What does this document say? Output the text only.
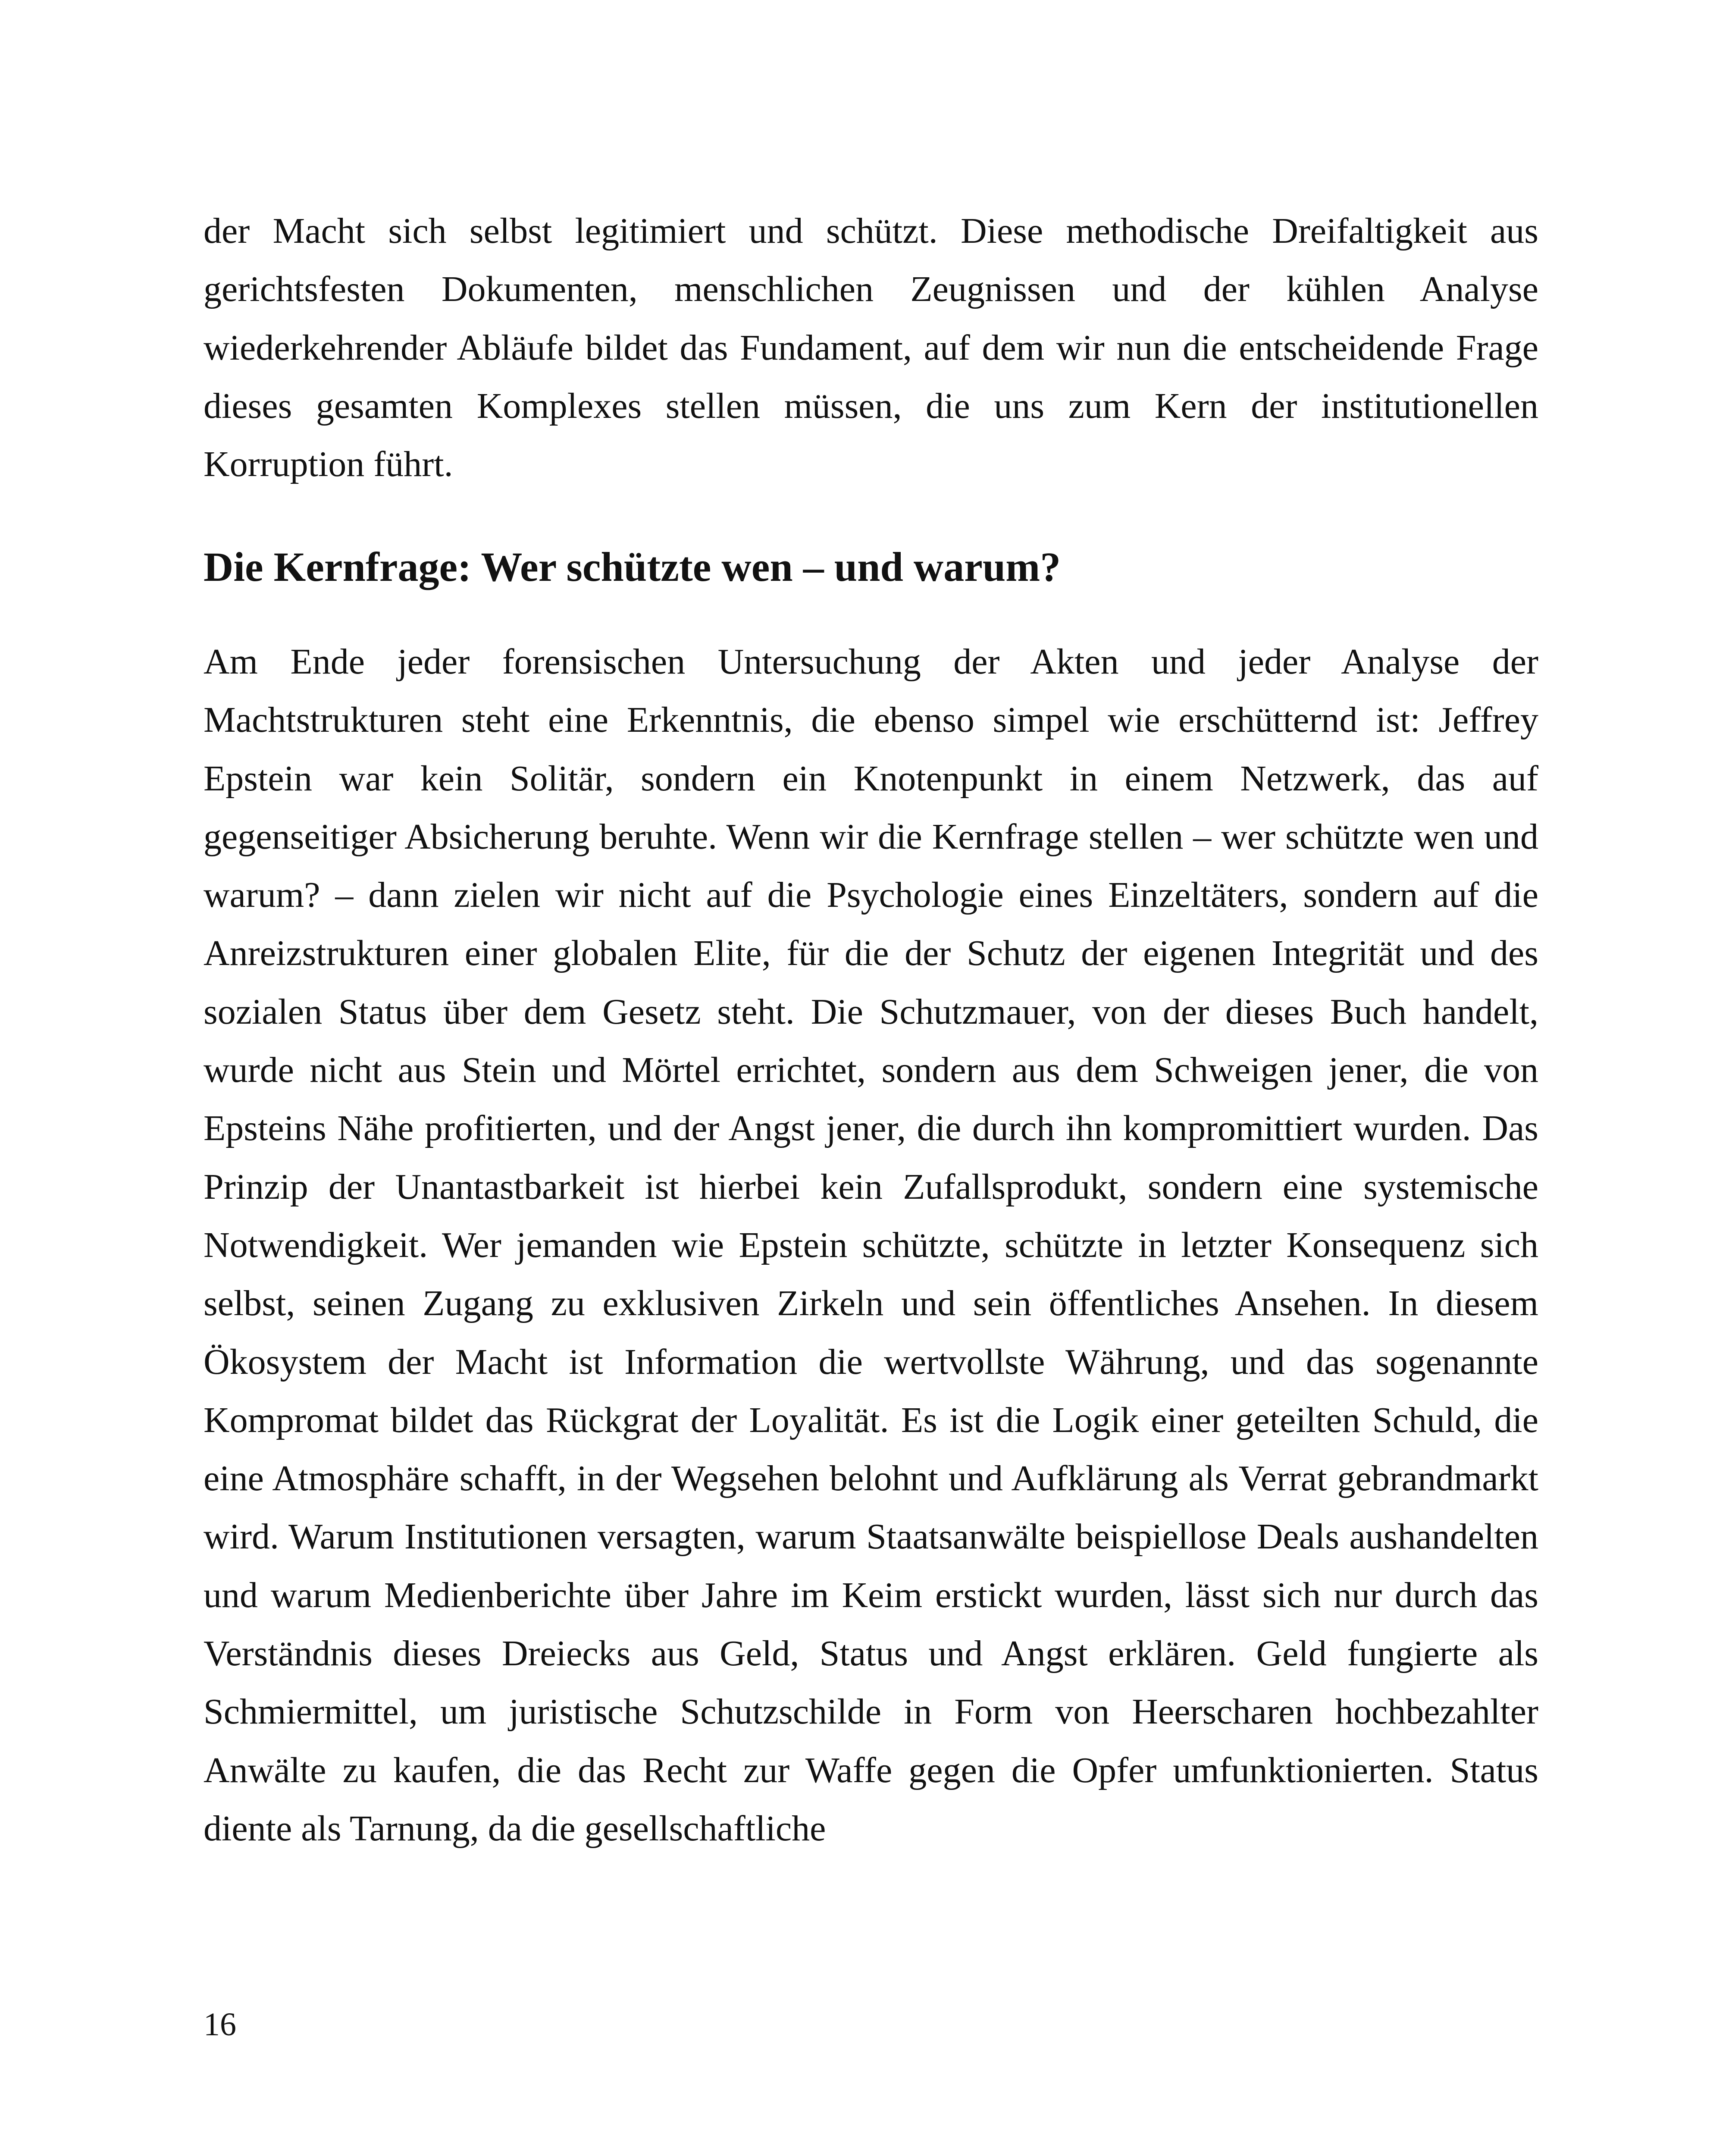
der Macht sich selbst legitimiert und schützt. Diese methodische Dreifaltigkeit aus gerichtsfesten Dokumenten, menschlichen Zeugnissen und der kühlen Analyse wiederkehrender Abläufe bildet das Fundament, auf dem wir nun die entscheidende Frage dieses gesamten Komplexes stellen müssen, die uns zum Kern der institutionellen Korruption führt.

Die Kernfrage: Wer schützte wen – und warum?

Am Ende jeder forensischen Untersuchung der Akten und jeder Analyse der Machtstrukturen steht eine Erkenntnis, die ebenso simpel wie erschütternd ist: Jeffrey Epstein war kein Solitär, sondern ein Knotenpunkt in einem Netzwerk, das auf gegenseitiger Absicherung beruhte. Wenn wir die Kernfrage stellen – wer schützte wen und warum? – dann zielen wir nicht auf die Psychologie eines Einzeltäters, sondern auf die Anreizstrukturen einer globalen Elite, für die der Schutz der eigenen Integrität und des sozialen Status über dem Gesetz steht. Die Schutzmauer, von der dieses Buch handelt, wurde nicht aus Stein und Mörtel errichtet, sondern aus dem Schweigen jener, die von Epsteins Nähe profitierten, und der Angst jener, die durch ihn kompromittiert wurden. Das Prinzip der Unantastbarkeit ist hierbei kein Zufallsprodukt, sondern eine systemische Notwendigkeit. Wer jemanden wie Epstein schützte, schützte in letzter Konsequenz sich selbst, seinen Zugang zu exklusiven Zirkeln und sein öffentliches Ansehen. In diesem Ökosystem der Macht ist Information die wertvollste Währung, und das sogenannte Kompromat bildet das Rückgrat der Loyalität. Es ist die Logik einer geteilten Schuld, die eine Atmosphäre schafft, in der Wegsehen belohnt und Aufklärung als Verrat gebrandmarkt wird. Warum Institutionen versagten, warum Staatsanwälte beispiellose Deals aushandelten und warum Medienberichte über Jahre im Keim erstickt wurden, lässt sich nur durch das Verständnis dieses Dreiecks aus Geld, Status und Angst erklären. Geld fungierte als Schmiermittel, um juristische Schutzschilde in Form von Heerscharen hochbezahlter Anwälte zu kaufen, die das Recht zur Waffe gegen die Opfer umfunktionierten. Status diente als Tarnung, da die gesellschaftliche

16
